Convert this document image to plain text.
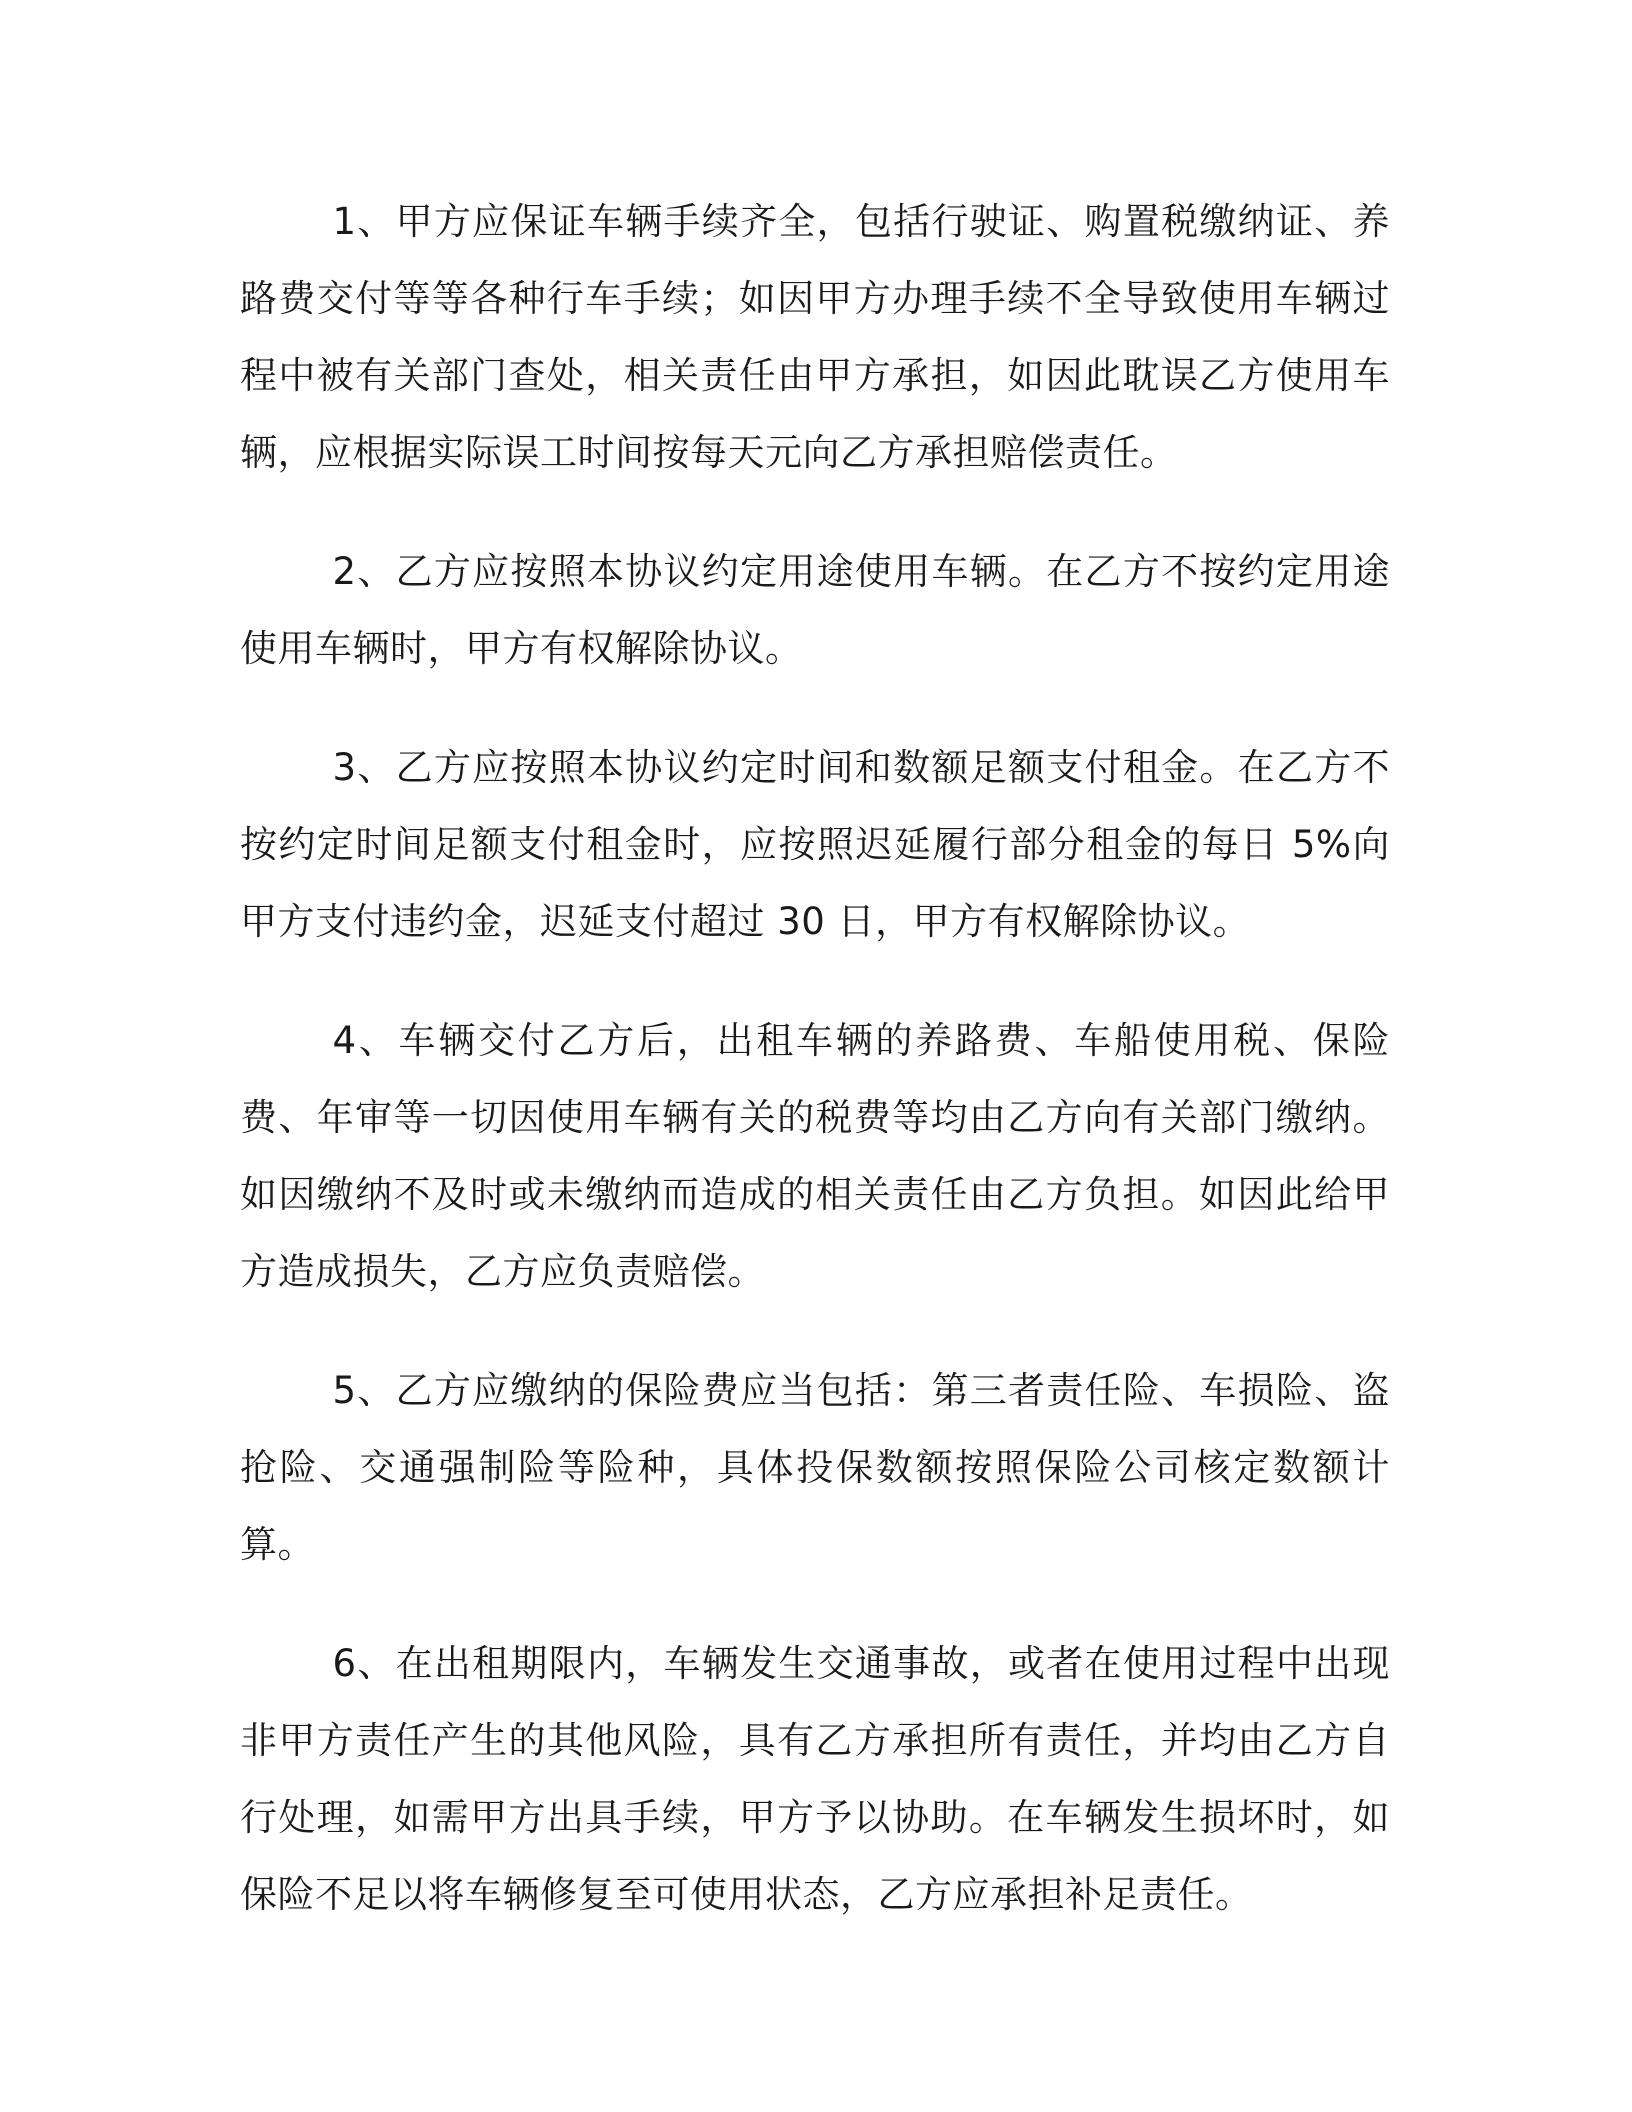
1、甲方应保证车辆手续齐全，包括行驶证、购置税缴纳证、养路费交付等等各种行车手续；如因甲方办理手续不全导致使用车辆过程中被有关部门查处，相关责任由甲方承担，如因此耽误乙方使用车辆，应根据实际误工时间按每天元向乙方承担赔偿责任。

2、乙方应按照本协议约定用途使用车辆。在乙方不按约定用途使用车辆时，甲方有权解除协议。

3、乙方应按照本协议约定时间和数额足额支付租金。在乙方不按约定时间足额支付租金时，应按照迟延履行部分租金的每日 5%向甲方支付违约金，迟延支付超过 30 日，甲方有权解除协议。

4、车辆交付乙方后，出租车辆的养路费、车船使用税、保险费、年审等一切因使用车辆有关的税费等均由乙方向有关部门缴纳。如因缴纳不及时或未缴纳而造成的相关责任由乙方负担。如因此给甲方造成损失，乙方应负责赔偿。

5、乙方应缴纳的保险费应当包括：第三者责任险、车损险、盗抢险、交通强制险等险种，具体投保数额按照保险公司核定数额计算。

6、在出租期限内，车辆发生交通事故，或者在使用过程中出现非甲方责任产生的其他风险，具有乙方承担所有责任，并均由乙方自行处理，如需甲方出具手续，甲方予以协助。在车辆发生损坏时，如保险不足以将车辆修复至可使用状态，乙方应承担补足责任。
